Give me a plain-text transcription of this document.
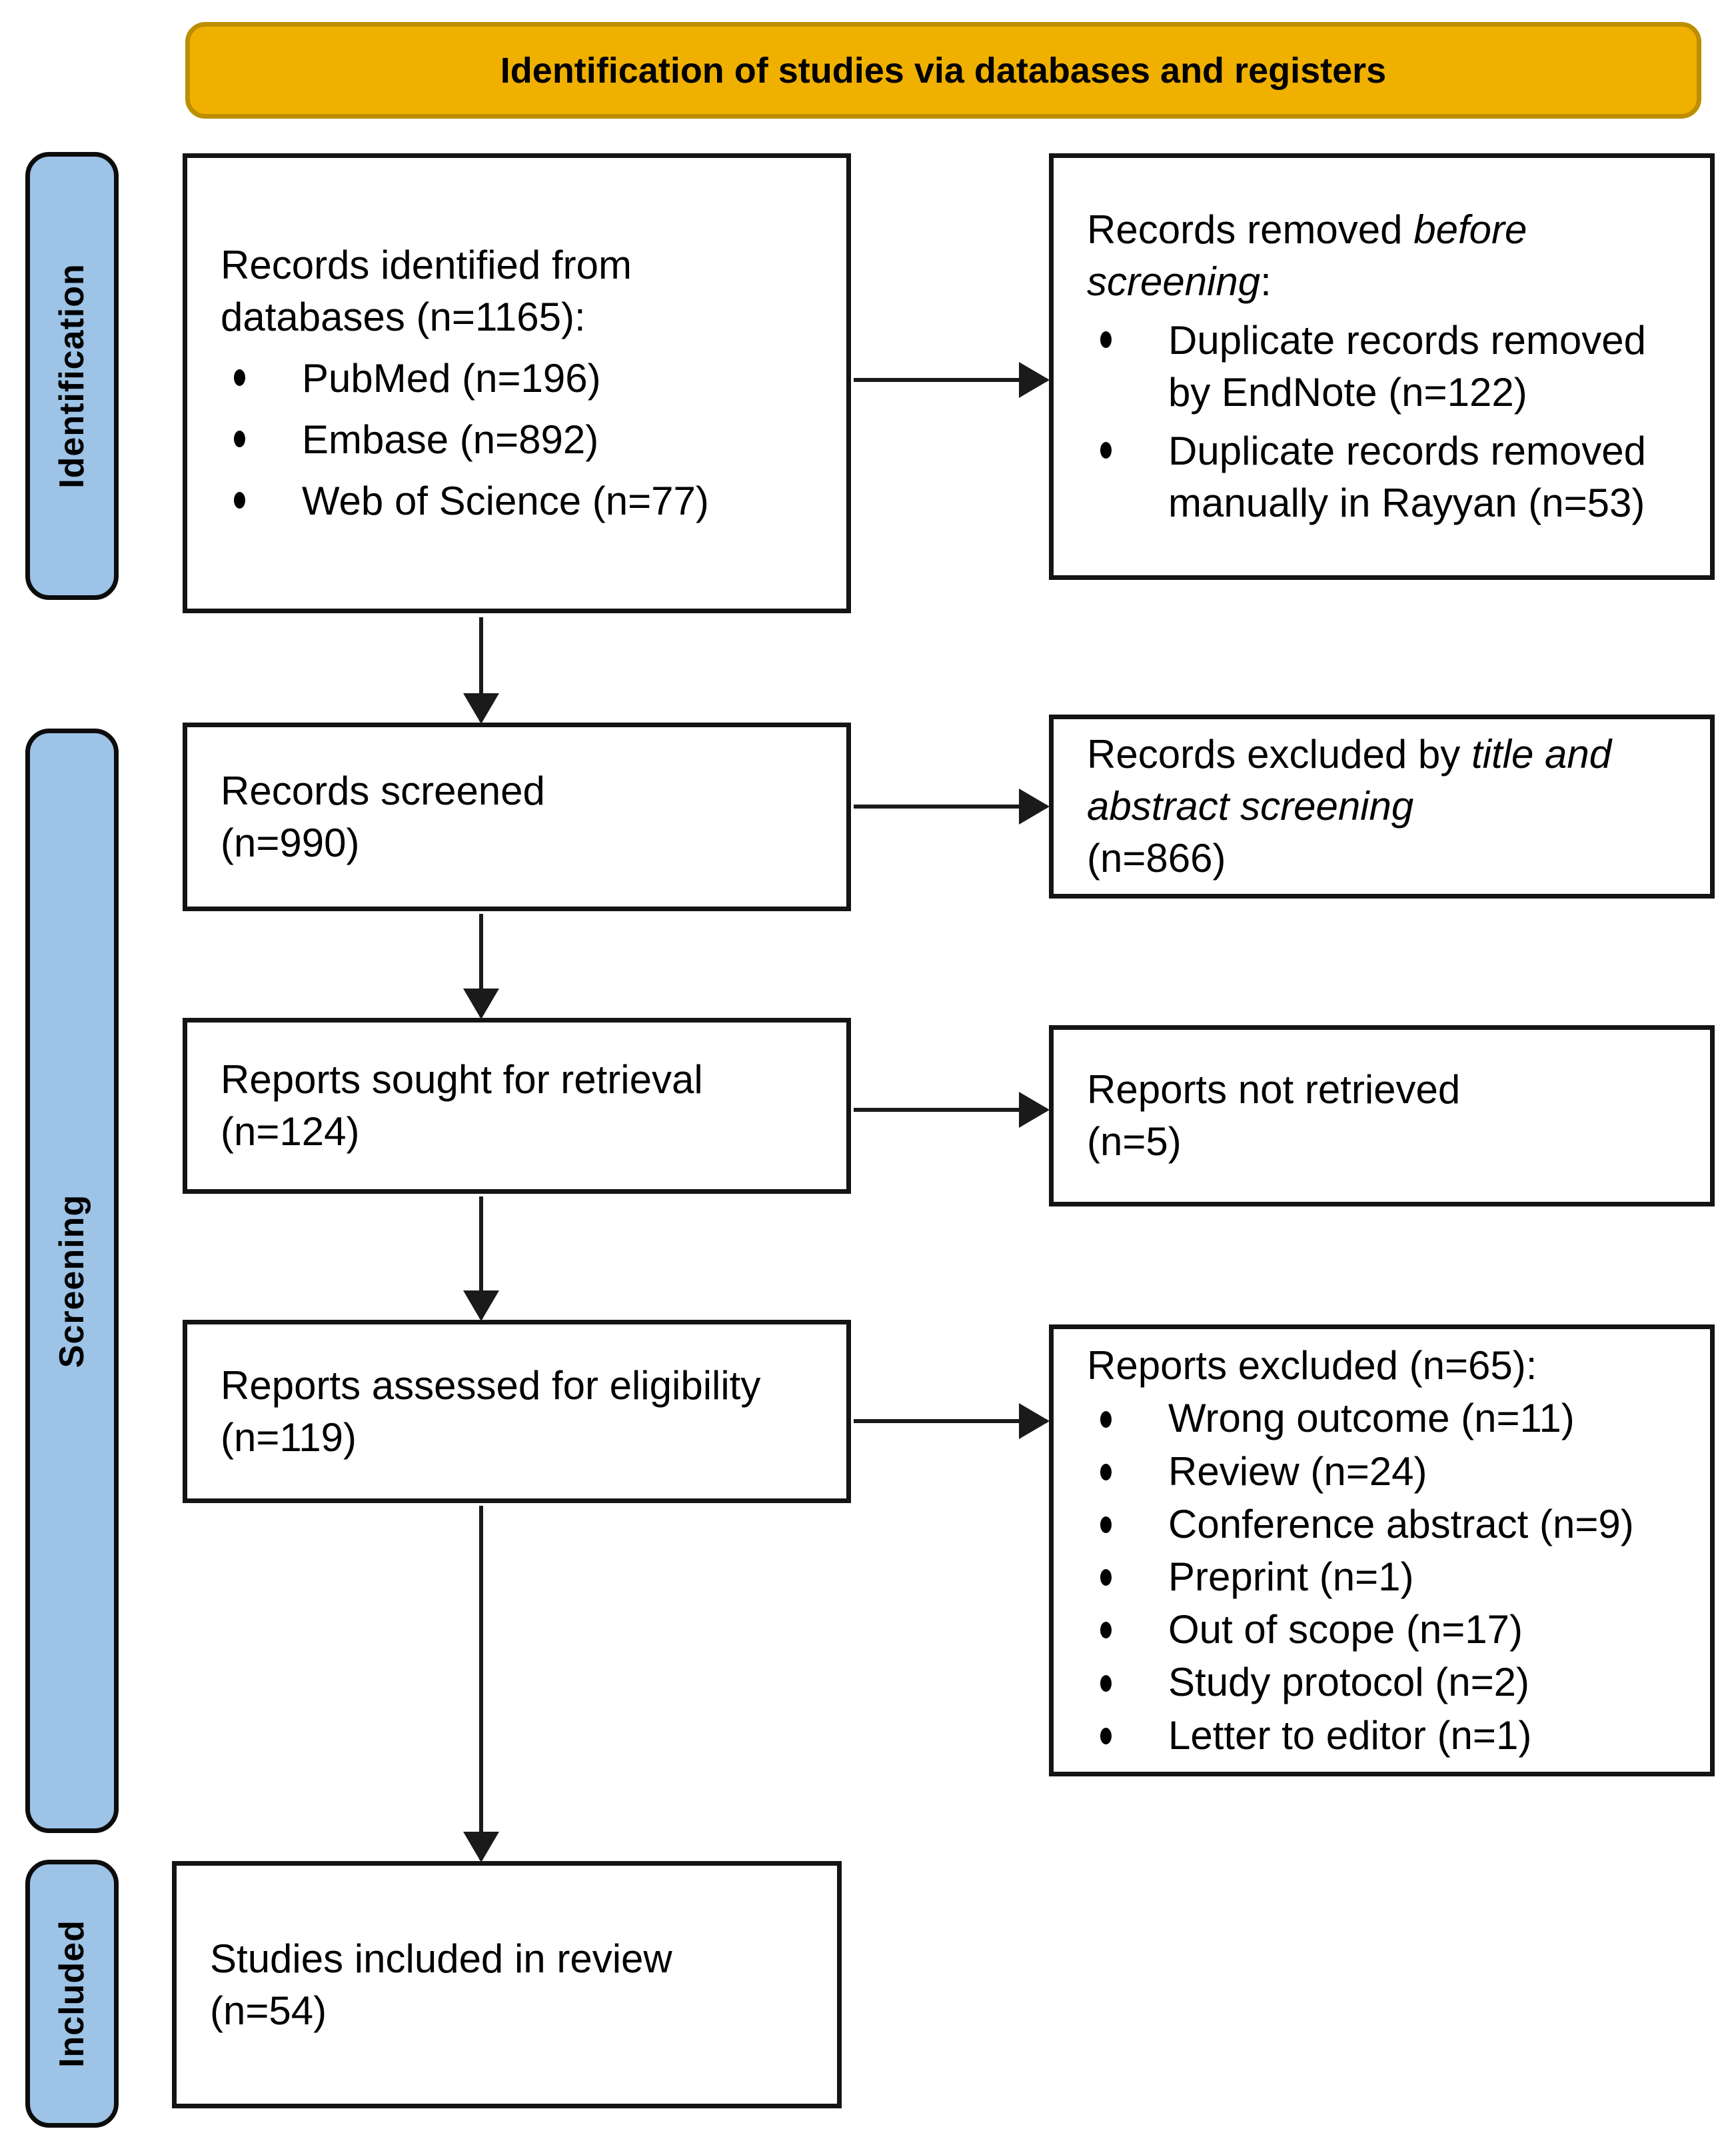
Identification of studies via databases and registers
Identification
Screening
Included
Records identified from databases (n=1165):
PubMed (n=196)
Embase (n=892)
Web of Science (n=77)
Records removed before screening:
Duplicate records removed by EndNote (n=122)
Duplicate records removed manually in Rayyan (n=53)
Records screened
(n=990)
Records excluded by title and abstract screening
(n=866)
Reports sought for retrieval
(n=124)
Reports not retrieved
(n=5)
Reports assessed for eligibility
(n=119)
Reports excluded (n=65):
Wrong outcome (n=11)
Review (n=24)
Conference abstract (n=9)
Preprint (n=1)
Out of scope (n=17)
Study protocol (n=2)
Letter to editor (n=1)
Studies included in review
(n=54)
